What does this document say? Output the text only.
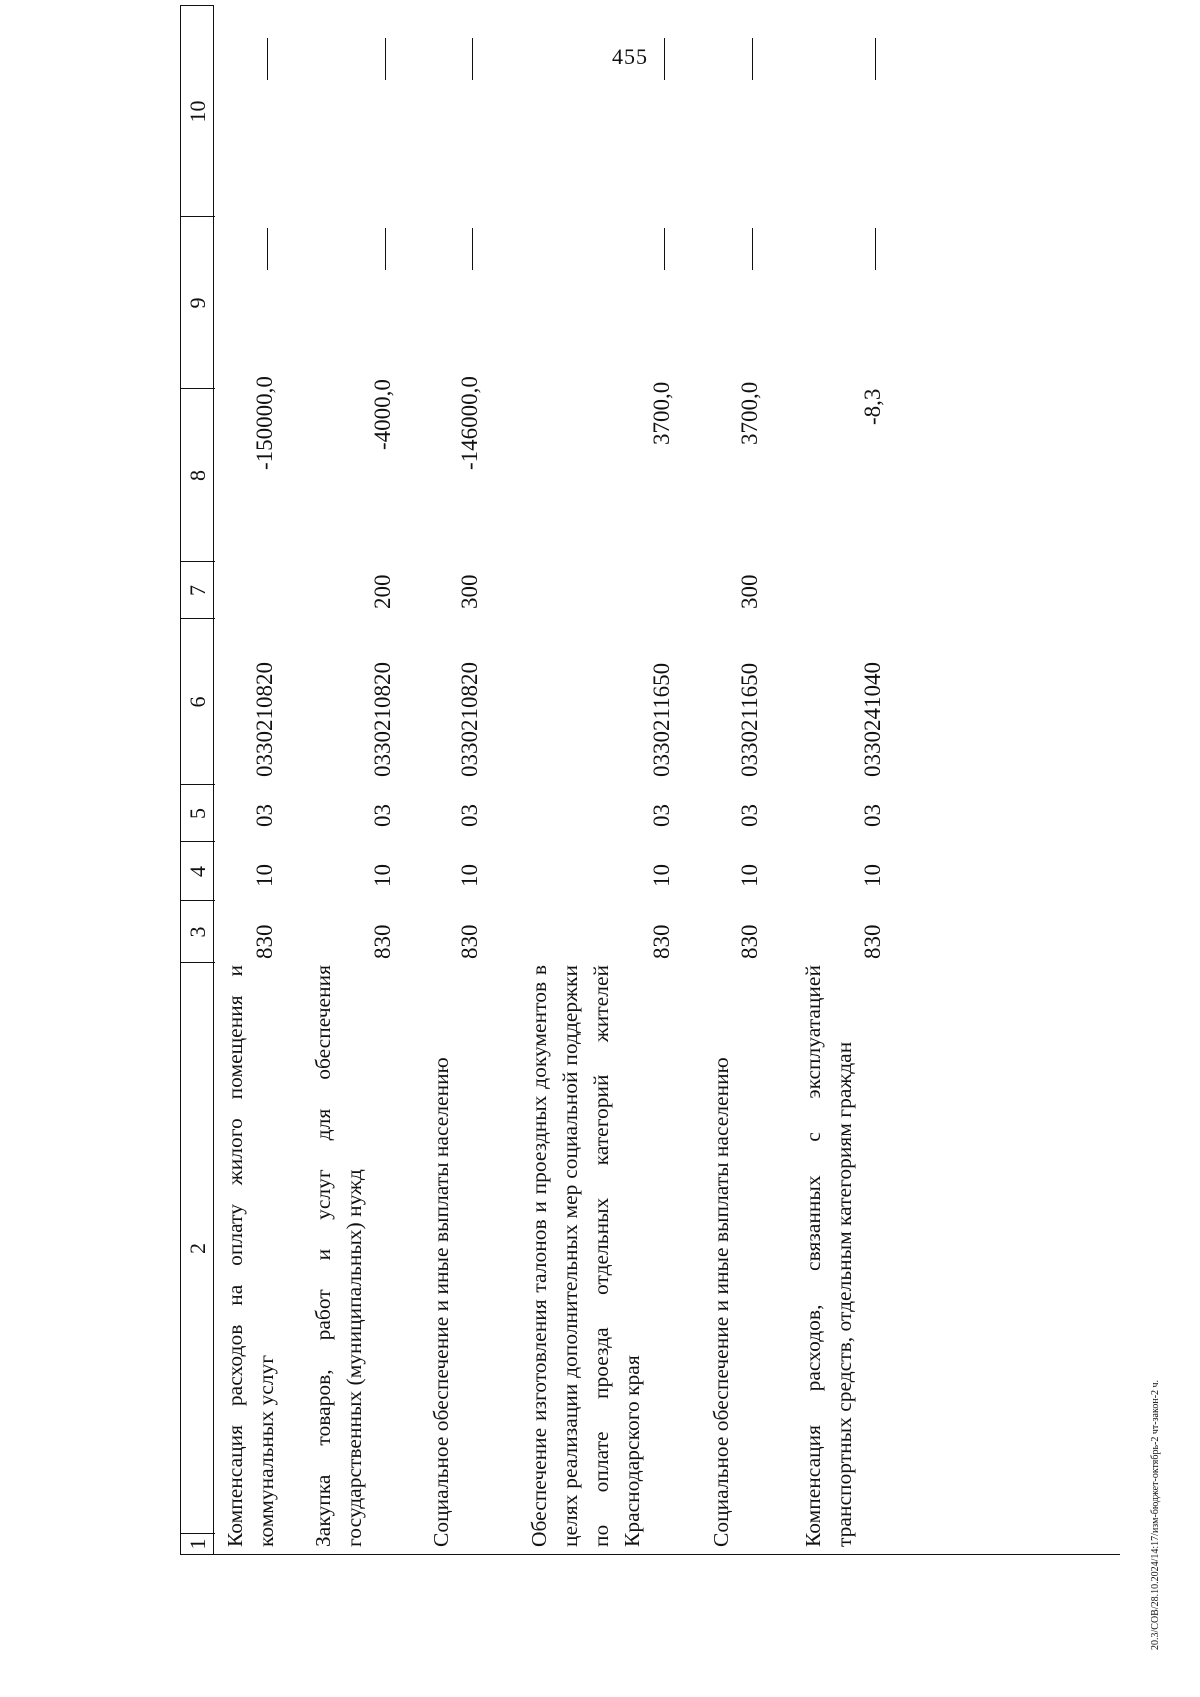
455
20.3/СОВ/28.10.2024/14:17/изм-бюджет-октябрь-2 чт-закон-2 ч.
1
2
3
4
5
6
7
8
9
10
Компенсация расходов на оплату жилого помещения и коммунальных услуг
830
10
03
0330210820
-150000,0
Закупка товаров, работ и услуг для обеспечения государственных (муниципальных) нужд
830
10
03
0330210820
200
-4000,0
Социальное обеспечение и иные выплаты населению
830
10
03
0330210820
300
-146000,0
Обеспечение изготовления талонов и проездных документов в целях реализации дополнительных мер социальной поддержки по оплате проезда отдельных категорий жителей Краснодарского края
830
10
03
0330211650
3700,0
Социальное обеспечение и иные выплаты населению
830
10
03
0330211650
300
3700,0
Компенсация расходов, связанных с эксплуатацией транспортных средств, отдельным категориям граждан
830
10
03
0330241040
-8,3
